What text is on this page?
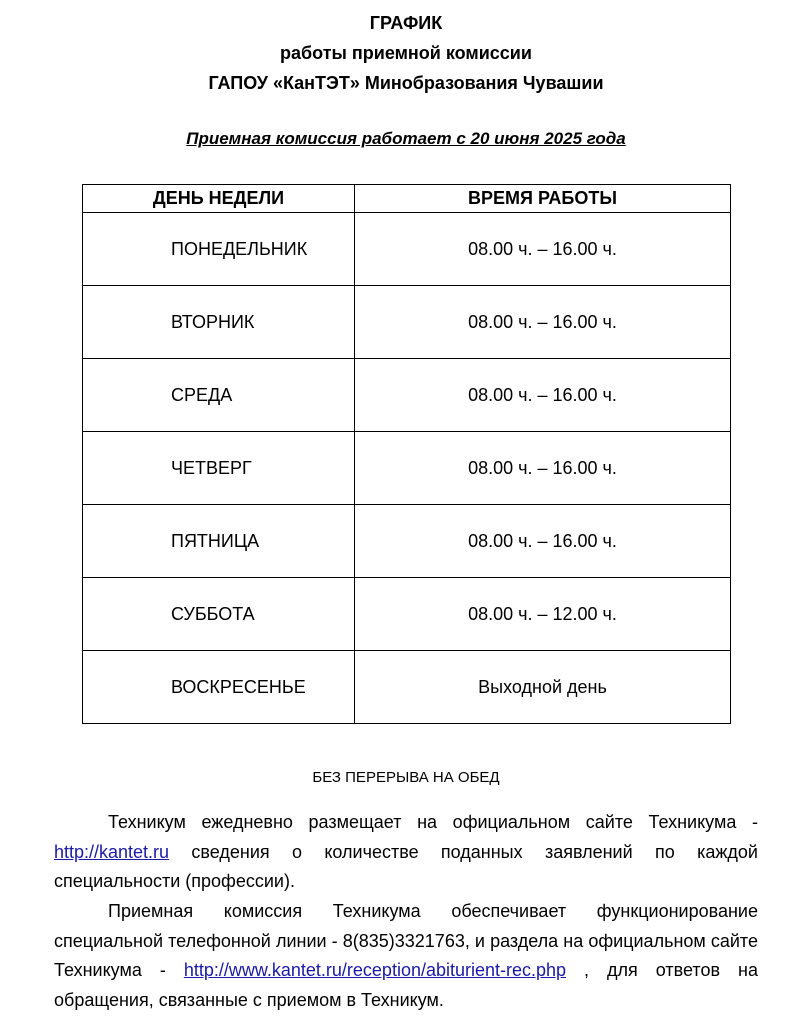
ГРАФИК
работы приемной комиссии
ГАПОУ «КанТЭТ» Минобразования Чувашии
Приемная комиссия работает с 20 июня 2025 года
ДЕНЬ НЕДЕЛИ	ВРЕМЯ РАБОТЫ
ПОНЕДЕЛЬНИК	08.00 ч. – 16.00 ч.
ВТОРНИК	08.00 ч. – 16.00 ч.
СРЕДА	08.00 ч. – 16.00 ч.
ЧЕТВЕРГ	08.00 ч. – 16.00 ч.
ПЯТНИЦА	08.00 ч. – 16.00 ч.
СУББОТА	08.00 ч. – 12.00 ч.
ВОСКРЕСЕНЬЕ	Выходной день
БЕЗ ПЕРЕРЫВА НА ОБЕД

Техникум ежедневно размещает на официальном сайте Техникума - http://kantet.ru сведения о количестве поданных заявлений по каждой специальности (профессии).

Приемная комиссия Техникума обеспечивает функционирование специальной телефонной линии - 8(835)3321763, и раздела на официальном сайте Техникума - http://www.kantet.ru/reception/abiturient-rec.php , для ответов на обращения, связанные с приемом в Техникум.
